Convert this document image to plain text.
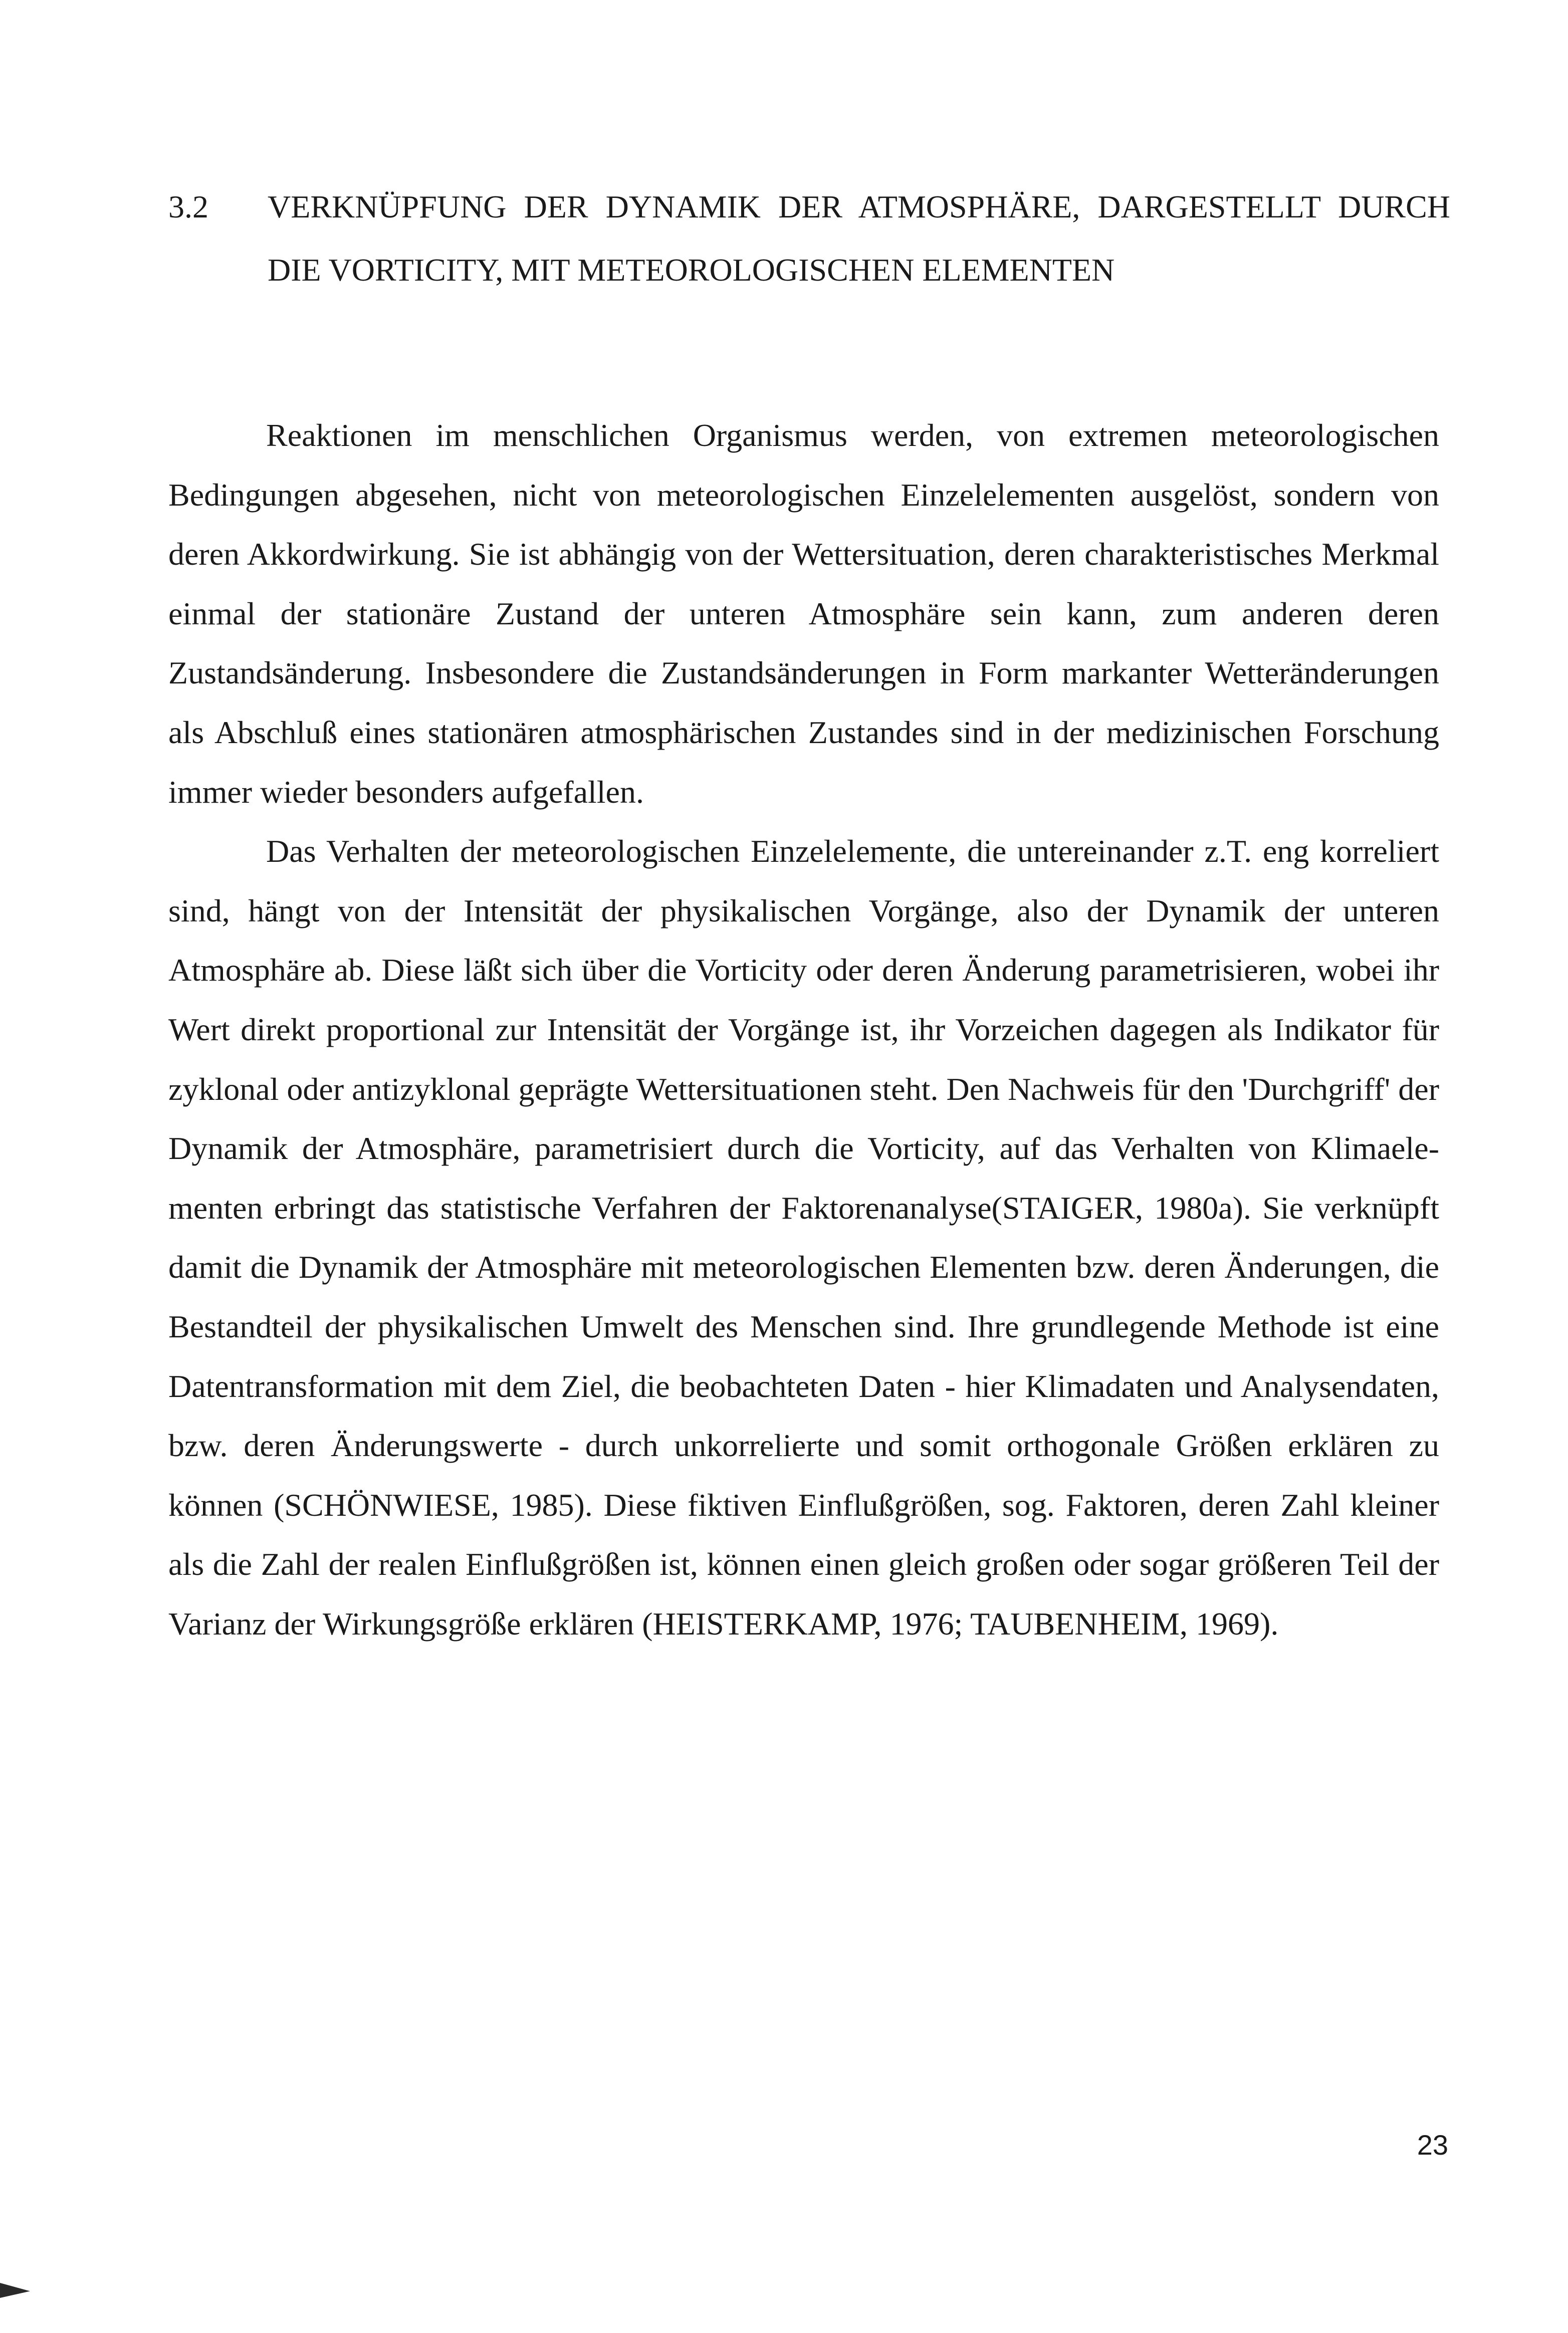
3.2 VERKNÜPFUNG DER DYNAMIK DER ATMOSPHÄRE, DARGESTELLT DURCH DIE VORTICITY, MIT METEOROLOGISCHEN ELEMENTEN

Reaktionen im menschlichen Organismus werden, von extremen meteorologischen Bedingungen abgesehen, nicht von meteorologischen Einzelelementen ausgelöst, sondern von deren Akkordwirkung. Sie ist abhängig von der Wettersituation, deren charakteristisches Merkmal einmal der stationäre Zustand der unteren Atmosphäre sein kann, zum anderen deren Zustandsänderung. Insbesondere die Zustandsänderungen in Form markanter Wetteränderungen als Abschluß eines stationären atmosphärischen Zustandes sind in der medizinischen Forschung immer wieder besonders aufgefallen.

Das Verhalten der meteorologischen Einzelelemente, die untereinander z.T. eng korreliert sind, hängt von der Intensität der physikalischen Vorgänge, also der Dynamik der unteren Atmosphäre ab. Diese läßt sich über die Vorticity oder deren Änderung parametrisieren, wobei ihr Wert direkt proportional zur Intensität der Vorgänge ist, ihr Vorzeichen dagegen als Indikator für zyklonal oder antizyklonal geprägte Wettersituationen steht. Den Nachweis für den 'Durchgriff' der Dynamik der Atmosphäre, parametrisiert durch die Vorticity, auf das Verhalten von Klimaelementen erbringt das statistische Verfahren der Faktorenanalyse(STAIGER, 1980a). Sie verknüpft damit die Dynamik der Atmosphäre mit meteorologischen Elementen bzw. deren Änderungen, die Bestandteil der physikalischen Umwelt des Menschen sind. Ihre grundlegende Methode ist eine Datentransformation mit dem Ziel, die beobachteten Daten - hier Klimadaten und Analysendaten, bzw. deren Änderungswerte - durch unkorrelierte und somit orthogonale Größen erklären zu können (SCHÖNWIESE, 1985). Diese fiktiven Einflußgrößen, sog. Faktoren, deren Zahl kleiner als die Zahl der realen Einflußgrößen ist, können einen gleich großen oder sogar größeren Teil der Varianz der Wirkungsgröße erklären (HEISTERKAMP, 1976; TAUBENHEIM, 1969).

23
